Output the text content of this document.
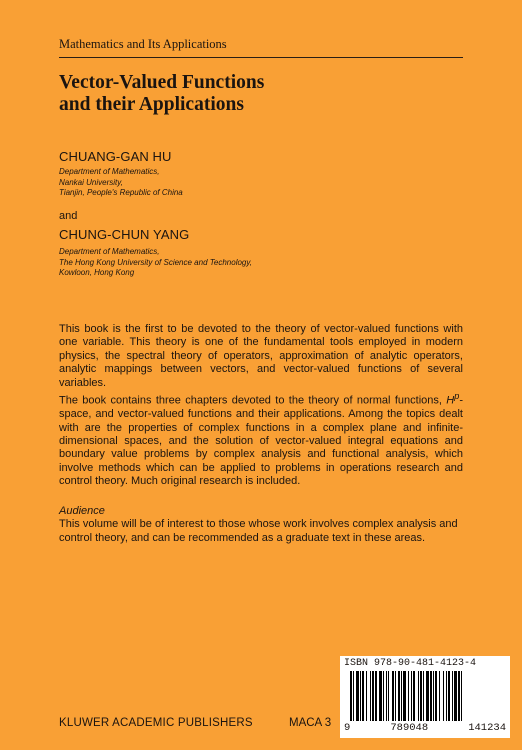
Mathematics and Its Applications
Vector-Valued Functions
and their Applications
CHUANG-GAN HU
Department of Mathematics,
Nankai University,
Tianjin, People's Republic of China
and
CHUNG-CHUN YANG
Department of Mathematics,
The Hong Kong University of Science and Technology,
Kowloon, Hong Kong

This book is the first to be devoted to the theory of vector-valued functions with one variable. This theory is one of the fundamental tools employed in modern physics, the spectral theory of operators, approximation of analytic operators, analytic mappings between vectors, and vector-valued functions of several variables.

The book contains three chapters devoted to the theory of normal functions, $H^p$-space, and vector-valued functions and their applications. Among the topics dealt with are the properties of complex functions in a complex plane and infinite-dimensional spaces, and the solution of vector-valued integral equations and boundary value problems by complex analysis and functional analysis, which involve methods which can be applied to problems in operations research and control theory. Much original research is included.

Audience

This volume will be of interest to those whose work involves complex analysis and control theory, and can be recommended as a graduate text in these areas.

ISBN 978-90-481-4123-4
9	789048	141234
KLUWER ACADEMIC PUBLISHERS	MACA 3
